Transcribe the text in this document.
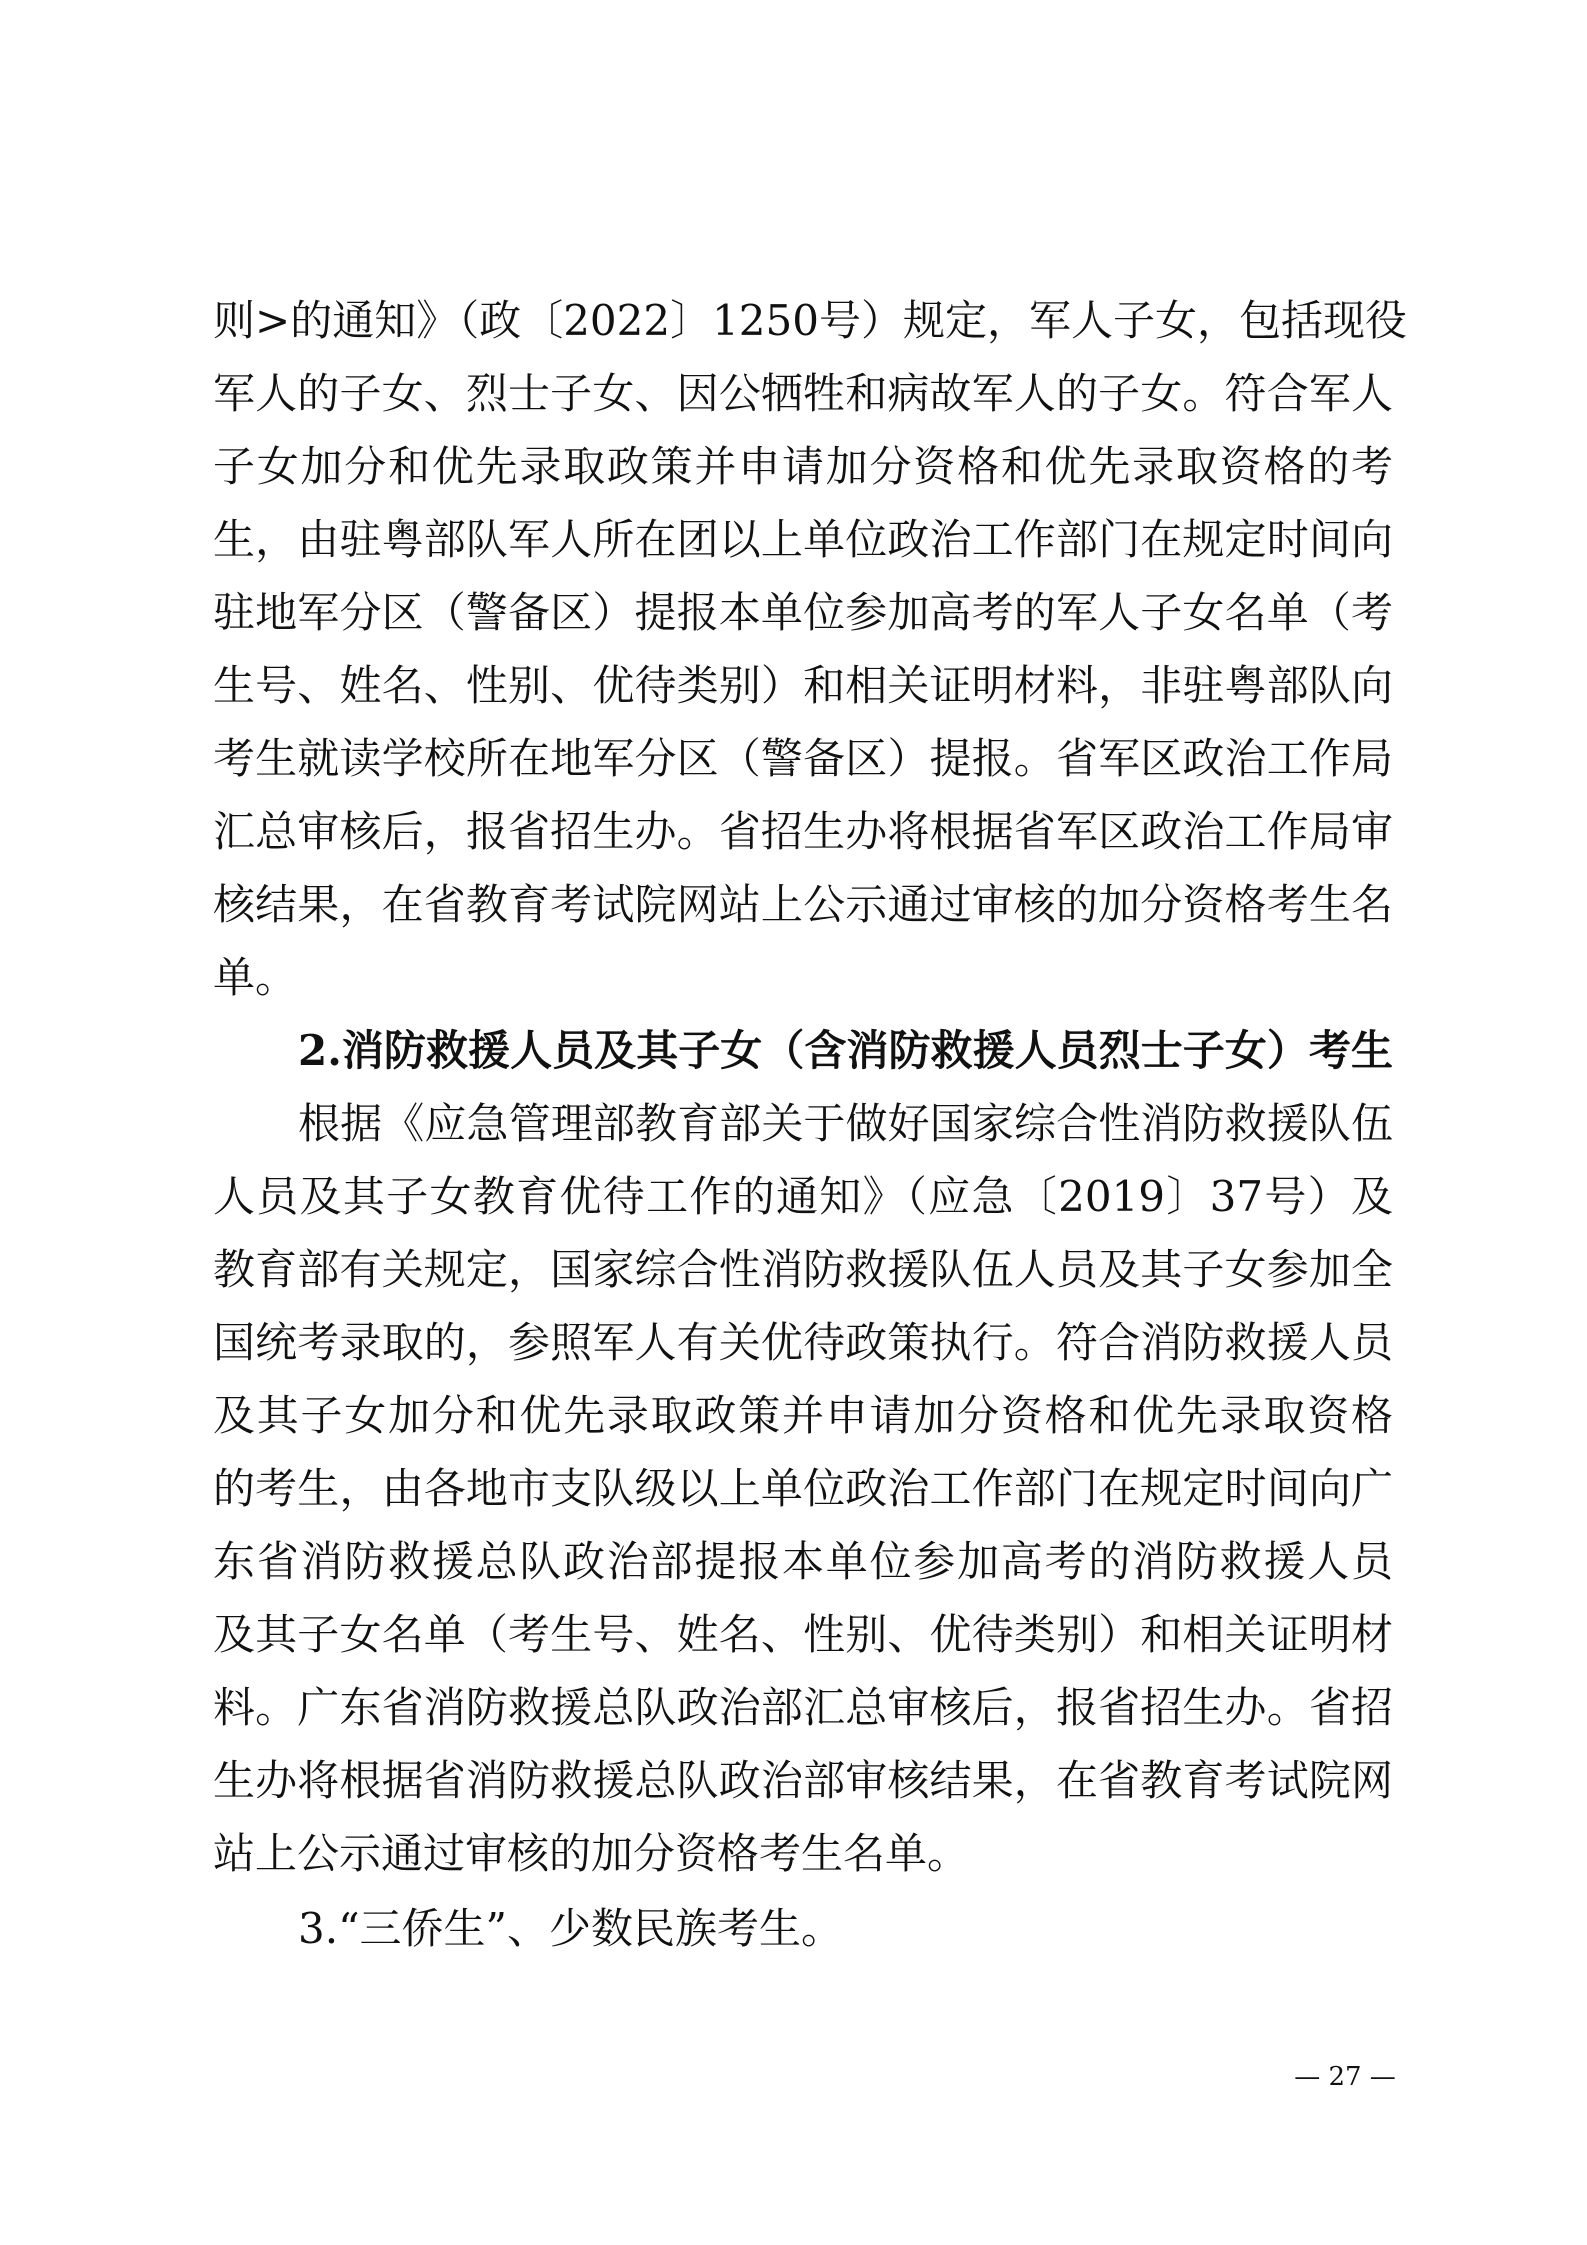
则>的通知》（政〔2022〕1250号）规定，军人子女，包括现役
军人的子女、烈士子女、因公牺牲和病故军人的子女。符合军人
子女加分和优先录取政策并申请加分资格和优先录取资格的考
生，由驻粤部队军人所在团以上单位政治工作部门在规定时间向
驻地军分区（警备区）提报本单位参加高考的军人子女名单（考
生号、姓名、性别、优待类别）和相关证明材料，非驻粤部队向
考生就读学校所在地军分区（警备区）提报。省军区政治工作局
汇总审核后，报省招生办。省招生办将根据省军区政治工作局审
核结果，在省教育考试院网站上公示通过审核的加分资格考生名
单。
2.消防救援人员及其子女（含消防救援人员烈士子女）考生
根据《应急管理部教育部关于做好国家综合性消防救援队伍
人员及其子女教育优待工作的通知》（应急〔2019〕37号）及
教育部有关规定，国家综合性消防救援队伍人员及其子女参加全
国统考录取的，参照军人有关优待政策执行。符合消防救援人员
及其子女加分和优先录取政策并申请加分资格和优先录取资格
的考生，由各地市支队级以上单位政治工作部门在规定时间向广
东省消防救援总队政治部提报本单位参加高考的消防救援人员
及其子女名单（考生号、姓名、性别、优待类别）和相关证明材
料。广东省消防救援总队政治部汇总审核后，报省招生办。省招
生办将根据省消防救援总队政治部审核结果，在省教育考试院网
站上公示通过审核的加分资格考生名单。
3.“三侨生”、少数民族考生。
— 27 —
